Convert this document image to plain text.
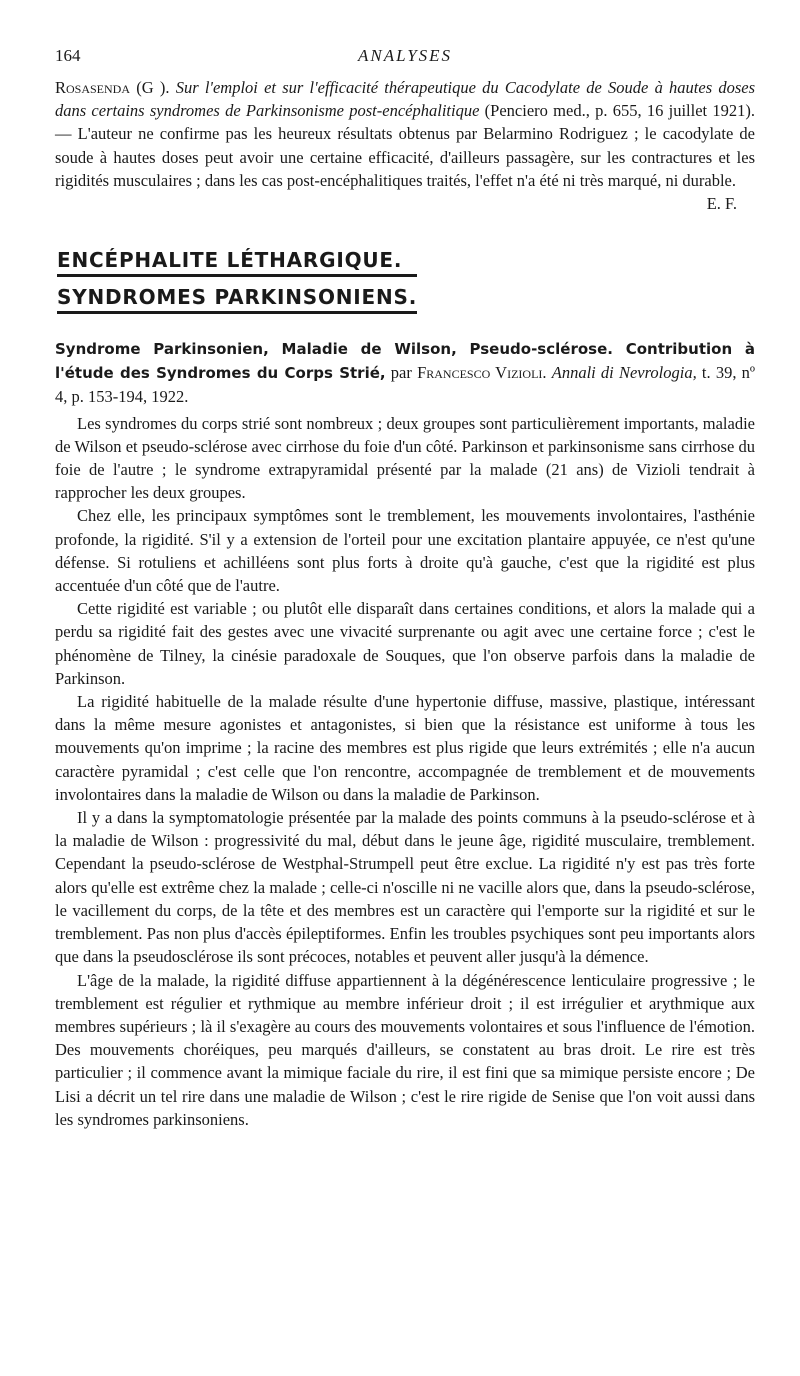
164	ANALYSES

Rosasenda (G ). Sur l'emploi et sur l'efficacité thérapeutique du Cacodylate de Soude à hautes doses dans certains syndromes de Parkinsonisme post-encéphalitique (Penciero med., p. 655, 16 juillet 1921). — L'auteur ne confirme pas les heureux résultats obtenus par Belarmino Rodriguez ; le cacodylate de soude à hautes doses peut avoir une certaine efficacité, d'ailleurs passagère, sur les contractures et les rigidités musculaires ; dans les cas post-encéphalitiques traités, l'effet n'a été ni très marqué, ni durable.

E. F.
ENCÉPHALITE LÉTHARGIQUE.
SYNDROMES PARKINSONIENS.

Syndrome Parkinsonien, Maladie de Wilson, Pseudo-sclérose. Contribution à l'étude des Syndromes du Corps Strié, par Francesco Vizioli. Annali di Nevrologia, t. 39, nº 4, p. 153-194, 1922.

Les syndromes du corps strié sont nombreux ; deux groupes sont particulièrement importants, maladie de Wilson et pseudo-sclérose avec cirrhose du foie d'un côté. Parkinson et parkinsonisme sans cirrhose du foie de l'autre ; le syndrome extrapyramidal présenté par la malade (21 ans) de Vizioli tendrait à rapprocher les deux groupes.

Chez elle, les principaux symptômes sont le tremblement, les mouvements involontaires, l'asthénie profonde, la rigidité. S'il y a extension de l'orteil pour une excitation plantaire appuyée, ce n'est qu'une défense. Si rotuliens et achilléens sont plus forts à droite qu'à gauche, c'est que la rigidité est plus accentuée d'un côté que de l'autre.

Cette rigidité est variable ; ou plutôt elle disparaît dans certaines conditions, et alors la malade qui a perdu sa rigidité fait des gestes avec une vivacité surprenante ou agit avec une certaine force ; c'est le phénomène de Tilney, la cinésie paradoxale de Souques, que l'on observe parfois dans la maladie de Parkinson.

La rigidité habituelle de la malade résulte d'une hypertonie diffuse, massive, plastique, intéressant dans la même mesure agonistes et antagonistes, si bien que la résistance est uniforme à tous les mouvements qu'on imprime ; la racine des membres est plus rigide que leurs extrémités ; elle n'a aucun caractère pyramidal ; c'est celle que l'on rencontre, accompagnée de tremblement et de mouvements involontaires dans la maladie de Wilson ou dans la maladie de Parkinson.

Il y a dans la symptomatologie présentée par la malade des points communs à la pseudo-sclérose et à la maladie de Wilson : progressivité du mal, début dans le jeune âge, rigidité musculaire, tremblement. Cependant la pseudo-sclérose de Westphal-Strumpell peut être exclue. La rigidité n'y est pas très forte alors qu'elle est extrême chez la malade ; celle-ci n'oscille ni ne vacille alors que, dans la pseudo-sclérose, le vacillement du corps, de la tête et des membres est un caractère qui l'emporte sur la rigidité et sur le tremblement. Pas non plus d'accès épileptiformes. Enfin les troubles psychiques sont peu importants alors que dans la pseudosclérose ils sont précoces, notables et peuvent aller jusqu'à la démence.

L'âge de la malade, la rigidité diffuse appartiennent à la dégénérescence lenticulaire progressive ; le tremblement est régulier et rythmique au membre inférieur droit ; il est irrégulier et arythmique aux membres supérieurs ; là il s'exagère au cours des mouvements volontaires et sous l'influence de l'émotion. Des mouvements choréiques, peu marqués d'ailleurs, se constatent au bras droit. Le rire est très particulier ; il commence avant la mimique faciale du rire, il est fini que sa mimique persiste encore ; De Lisi a décrit un tel rire dans une maladie de Wilson ; c'est le rire rigide de Senise que l'on voit aussi dans les syndromes parkinsoniens.
